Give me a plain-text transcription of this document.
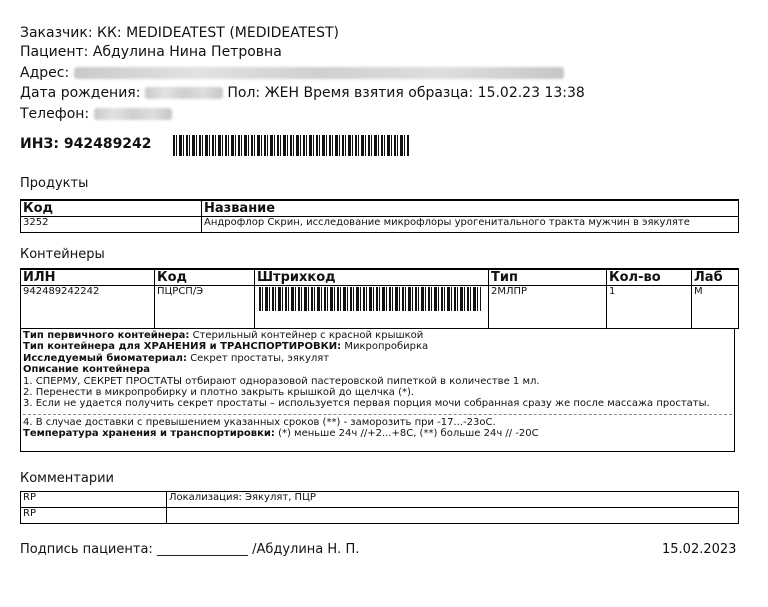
Заказчик: КК: MEDIDEATEST (MEDIDEATEST)
Пациент: Абдулина Нина Петровна
Адрес:
Дата рождения:	Пол: ЖЕН Время взятия образца: 15.02.23 13:38
Телефон:
ИНЗ: 942489242
Продукты
Код	Название
3252	Андрофлор Скрин, исследование микрофлоры урогенитального тракта мужчин в эякуляте
Контейнеры
ИЛН	Код	Штрихкод	Тип	Кол-во	Лаб
942489242242	ПЦРСП/Э		2МЛПР	1	М

Тип первичного контейнера: Стерильный контейнер с красной крышкой

Тип контейнера для ХРАНЕНИЯ и ТРАНСПОРТИРОВКИ: Микропробирка

Исследуемый биоматериал: Секрет простаты, эякулят

Описание контейнера

1. СПЕРМУ, СЕКРЕТ ПРОСТАТЫ отбирают одноразовой пастеровской пипеткой в количестве 1 мл.

2. Перенести в микропробирку и плотно закрыть крышкой до щелчка (*).

3. Если не удается получить секрет простаты – используется первая порция мочи собранная сразу же после массажа простаты.

4. В случае доставки с превышением указанных сроков (**) - заморозить при -17...-23оС.

Температура хранения и транспортировки: (*) меньше 24ч //+2...+8С, (**) больше 24ч // -20С

Комментарии
RP	Локализация: Эякулят, ПЦР
RP	
Подпись пациента: ______________ /Абдулина Н. П.	15.02.2023
